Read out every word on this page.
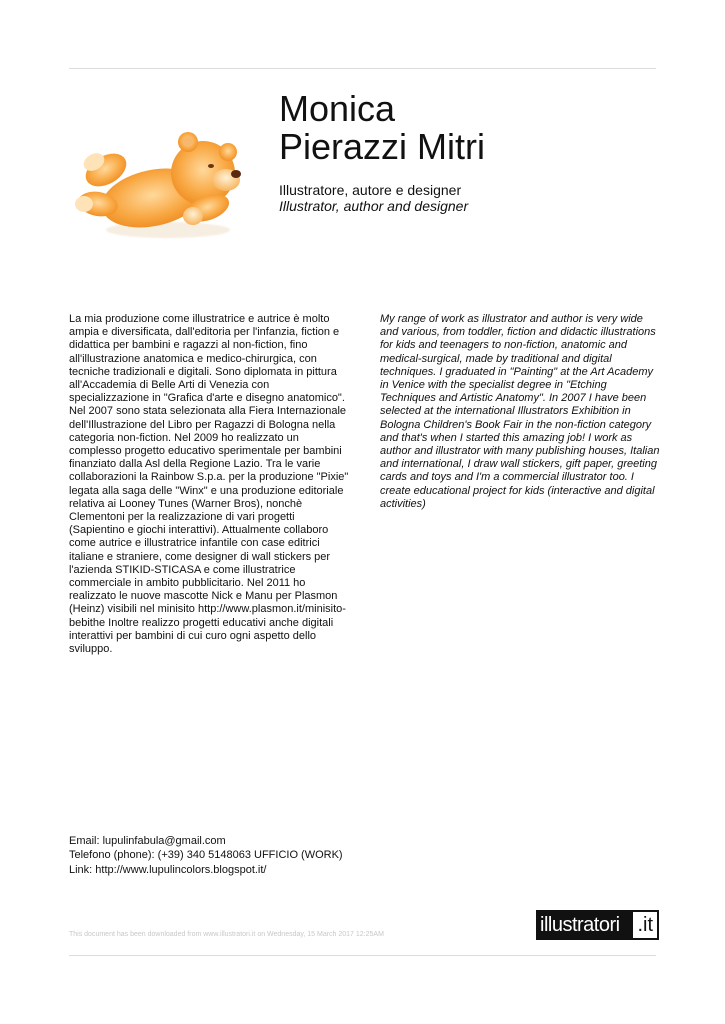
Monica
Pierazzi Mitri
Illustratore, autore e designer
Illustrator, author and designer
La mia produzione come illustratrice e autrice è molto ampia e diversificata, dall'editoria per l'infanzia, fiction e didattica per bambini e ragazzi al non-fiction, fino all'illustrazione anatomica e medico-chirurgica, con tecniche tradizionali e digitali. Sono diplomata in pittura all'Accademia di Belle Arti di Venezia con specializzazione in "Grafica d'arte e disegno anatomico". Nel 2007 sono stata selezionata alla Fiera Internazionale dell'Illustrazione del Libro per Ragazzi di Bologna nella categoria non-fiction. Nel 2009 ho realizzato un complesso progetto educativo sperimentale per bambini finanziato dalla Asl della Regione Lazio. Tra le varie collaborazioni la Rainbow S.p.a. per la produzione "Pixie" legata alla saga delle "Winx" e una produzione editoriale relativa ai Looney Tunes (Warner Bros), nonchè Clementoni per la realizzazione di vari progetti (Sapientino e giochi interattivi). Attualmente collaboro come autrice e illustratrice infantile con case editrici italiane e straniere, come designer di wall stickers per l'azienda STIKID-STICASA e come illustratrice commerciale in ambito pubblicitario. Nel 2011 ho realizzato le nuove mascotte Nick e Manu per Plasmon (Heinz) visibili nel minisito http://www.plasmon.it/minisito-bebithe Inoltre realizzo progetti educativi anche digitali interattivi per bambini di cui curo ogni aspetto dello sviluppo.
My range of work as illustrator and author is very wide and various, from toddler, fiction and didactic illustrations for kids and teenagers to non-fiction, anatomic and medical-surgical, made by traditional and digital techniques. I graduated in "Painting" at the Art Academy in Venice with the specialist degree in "Etching Techniques and Artistic Anatomy". In 2007 I have been selected at the international Illustrators Exhibition in Bologna Children's Book Fair in the non-fiction category and that's when I started this amazing job! I work as author and illustrator with many publishing houses, Italian and international, I draw wall stickers, gift paper, greeting cards and toys and I'm a commercial illustrator too. I create educational project for kids (interactive and digital activities)
Email: lupulinfabula@gmail.com
Telefono (phone): (+39) 340 5148063 UFFICIO (WORK)
Link: http://www.lupulincolors.blogspot.it/
This document has been downloaded from www.illustratori.it on Wednesday, 15 March 2017 12:25AM	illustratori .it
